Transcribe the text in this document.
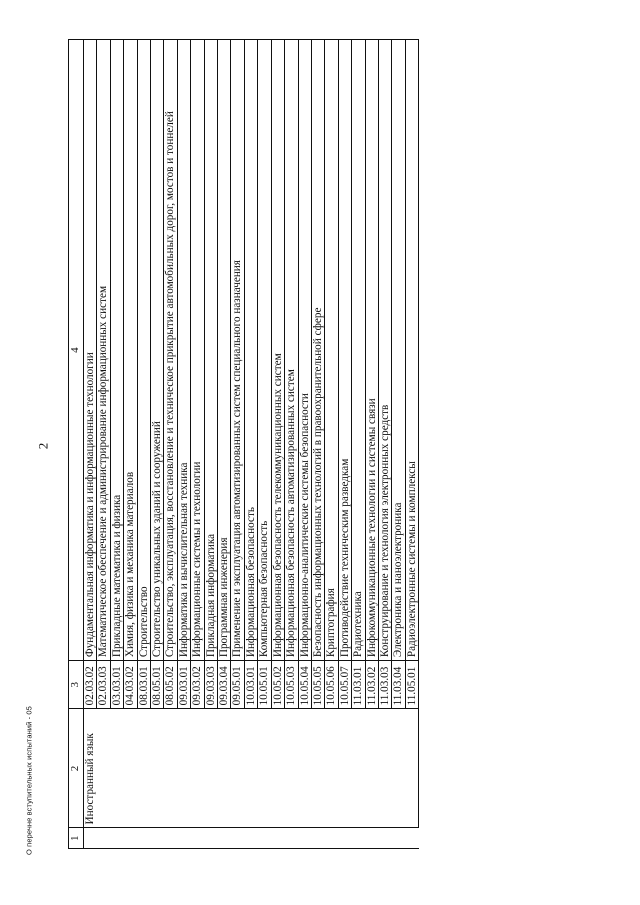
2
1	2	3	4
	Иностранный язык	02.03.02	Фундаментальная информатика и информационные технологии
		02.03.03	Математическое обеспечение и администрирование информационных систем
		03.03.01	Прикладные математика и физика
		04.03.02	Химия, физика и механика материалов
		08.03.01	Строительство
		08.05.01	Строительство уникальных зданий и сооружений
		08.05.02	Строительство, эксплуатация, восстановление и техническое прикрытие автомобильных дорог, мостов и тоннелей
		09.03.01	Информатика и вычислительная техника
		09.03.02	Информационные системы и технологии
		09.03.03	Прикладная информатика
		09.03.04	Программная инженерия
		09.05.01	Применение и эксплуатация автоматизированных систем специального назначения
		10.03.01	Информационная безопасность
		10.05.01	Компьютерная безопасность
		10.05.02	Информационная безопасность телекоммуникационных систем
		10.05.03	Информационная безопасность автоматизированных систем
		10.05.04	Информационно-аналитические системы безопасности
		10.05.05	Безопасность информационных технологий в правоохранительной сфере
		10.05.06	Криптография
		10.05.07	Противодействие техническим разведкам
		11.03.01	Радиотехника
		11.03.02	Инфокоммуникационные технологии и системы связи
		11.03.03	Конструирование и технология электронных средств
		11.03.04	Электроника и наноэлектроника
		11.05.01	Радиоэлектронные системы и комплексы
О перечне вступительных испытаний - 05
